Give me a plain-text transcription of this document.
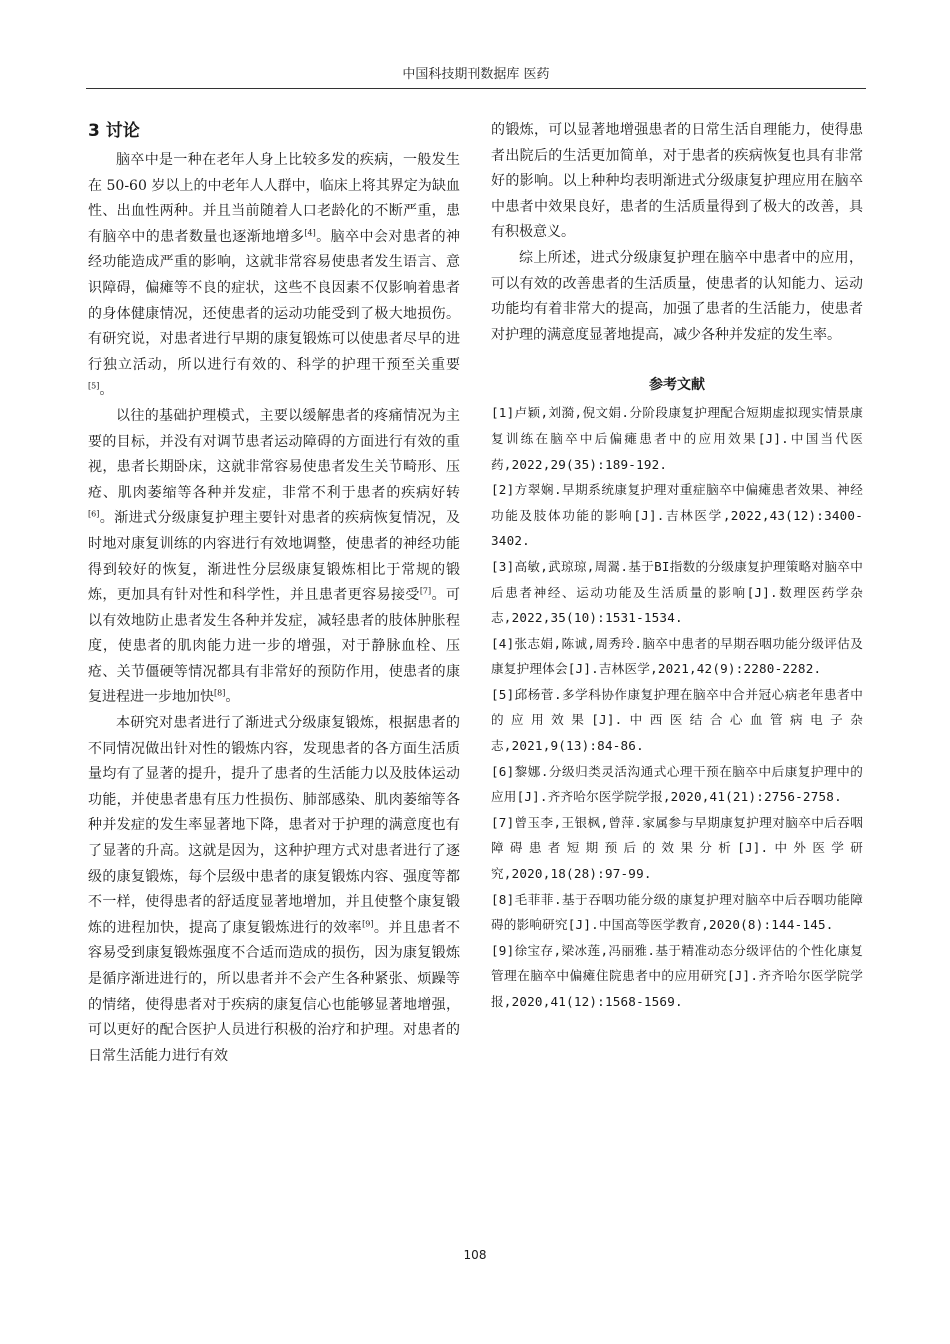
中国科技期刊数据库 医药
3 讨论

脑卒中是一种在老年人身上比较多发的疾病，一般发生在 50-60 岁以上的中老年人人群中，临床上将其界定为缺血性、出血性两种。并且当前随着人口老龄化的不断严重，患有脑卒中的患者数量也逐渐地增多[4]。脑卒中会对患者的神经功能造成严重的影响，这就非常容易使患者发生语言、意识障碍，偏瘫等不良的症状，这些不良因素不仅影响着患者的身体健康情况，还使患者的运动功能受到了极大地损伤。有研究说，对患者进行早期的康复锻炼可以使患者尽早的进行独立活动，所以进行有效的、科学的护理干预至关重要[5]。

以往的基础护理模式，主要以缓解患者的疼痛情况为主要的目标，并没有对调节患者运动障碍的方面进行有效的重视，患者长期卧床，这就非常容易使患者发生关节畸形、压疮、肌肉萎缩等各种并发症，非常不利于患者的疾病好转[6]。渐进式分级康复护理主要针对患者的疾病恢复情况，及时地对康复训练的内容进行有效地调整，使患者的神经功能得到较好的恢复，渐进性分层级康复锻炼相比于常规的锻炼，更加具有针对性和科学性，并且患者更容易接受[7]。可以有效地防止患者发生各种并发症，减轻患者的肢体肿胀程度，使患者的肌肉能力进一步的增强，对于静脉血栓、压疮、关节僵硬等情况都具有非常好的预防作用，使患者的康复进程进一步地加快[8]。

本研究对患者进行了渐进式分级康复锻炼，根据患者的不同情况做出针对性的锻炼内容，发现患者的各方面生活质量均有了显著的提升，提升了患者的生活能力以及肢体运动功能，并使患者患有压力性损伤、肺部感染、肌肉萎缩等各种并发症的发生率显著地下降，患者对于护理的满意度也有了显著的升高。这就是因为，这种护理方式对患者进行了逐级的康复锻炼，每个层级中患者的康复锻炼内容、强度等都不一样，使得患者的舒适度显著地增加，并且使整个康复锻炼的进程加快，提高了康复锻炼进行的效率[9]。并且患者不容易受到康复锻炼强度不合适而造成的损伤，因为康复锻炼是循序渐进进行的，所以患者并不会产生各种紧张、烦躁等的情绪，使得患者对于疾病的康复信心也能够显著地增强，可以更好的配合医护人员进行积极的治疗和护理。对患者的日常生活能力进行有效

的锻炼，可以显著地增强患者的日常生活自理能力，使得患者出院后的生活更加简单，对于患者的疾病恢复也具有非常好的影响。以上种种均表明渐进式分级康复护理应用在脑卒中患者中效果良好，患者的生活质量得到了极大的改善，具有积极意义。

综上所述，进式分级康复护理在脑卒中患者中的应用，可以有效的改善患者的生活质量，使患者的认知能力、运动功能均有着非常大的提高，加强了患者的生活能力，使患者对护理的满意度显著地提高，减少各种并发症的发生率。

参考文献

[1]卢颖,刘漪,倪文娟.分阶段康复护理配合短期虚拟现实情景康复训练在脑卒中后偏瘫患者中的应用效果[J].中国当代医药,2022,29(35):189-192.

[2]方翠娴.早期系统康复护理对重症脑卒中偏瘫患者效果、神经功能及肢体功能的影响[J].吉林医学,2022,43(12):3400-3402.

[3]高敏,武琼琼,周翯.基于BI指数的分级康复护理策略对脑卒中后患者神经、运动功能及生活质量的影响[J].数理医药学杂志,2022,35(10):1531-1534.

[4]张志娟,陈诚,周秀玲.脑卒中患者的早期吞咽功能分级评估及康复护理体会[J].吉林医学,2021,42(9):2280-2282.

[5]邱杨菅.多学科协作康复护理在脑卒中合并冠心病老年患者中的应用效果[J].中西医结合心血管病电子杂志,2021,9(13):84-86.

[6]黎娜.分级归类灵活沟通式心理干预在脑卒中后康复护理中的应用[J].齐齐哈尔医学院学报,2020,41(21):2756-2758.

[7]曾玉李,王银枫,曾萍.家属参与早期康复护理对脑卒中后吞咽障碍患者短期预后的效果分析[J].中外医学研究,2020,18(28):97-99.

[8]毛菲菲.基于吞咽功能分级的康复护理对脑卒中后吞咽功能障碍的影响研究[J].中国高等医学教育,2020(8):144-145.

[9]徐宝存,梁冰莲,冯丽雅.基于精准动态分级评估的个性化康复管理在脑卒中偏瘫住院患者中的应用研究[J].齐齐哈尔医学院学报,2020,41(12):1568-1569.

108
